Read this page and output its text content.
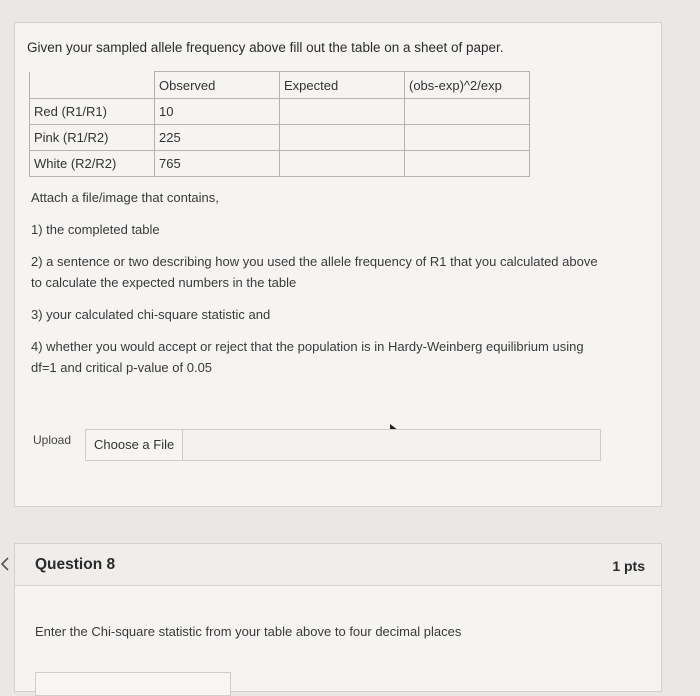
Given your sampled allele frequency above fill out the table on a sheet of paper.
	Observed	Expected	(obs-exp)^2/exp
Red (R1/R1)	10		
Pink (R1/R2)	225		
White (R2/R2)	765		
Attach a file/image that contains,
1) the completed table
2) a sentence or two describing how you used the allele frequency of R1 that you calculated above
to calculate the expected numbers in the table
3) your calculated chi-square statistic and
4) whether you would accept or reject that the population is in Hardy-Weinberg equilibrium using
df=1 and critical p-value of 0.05
Upload	Choose a File
Question 8	1 pts
Enter the Chi-square statistic from your table above to four decimal places
